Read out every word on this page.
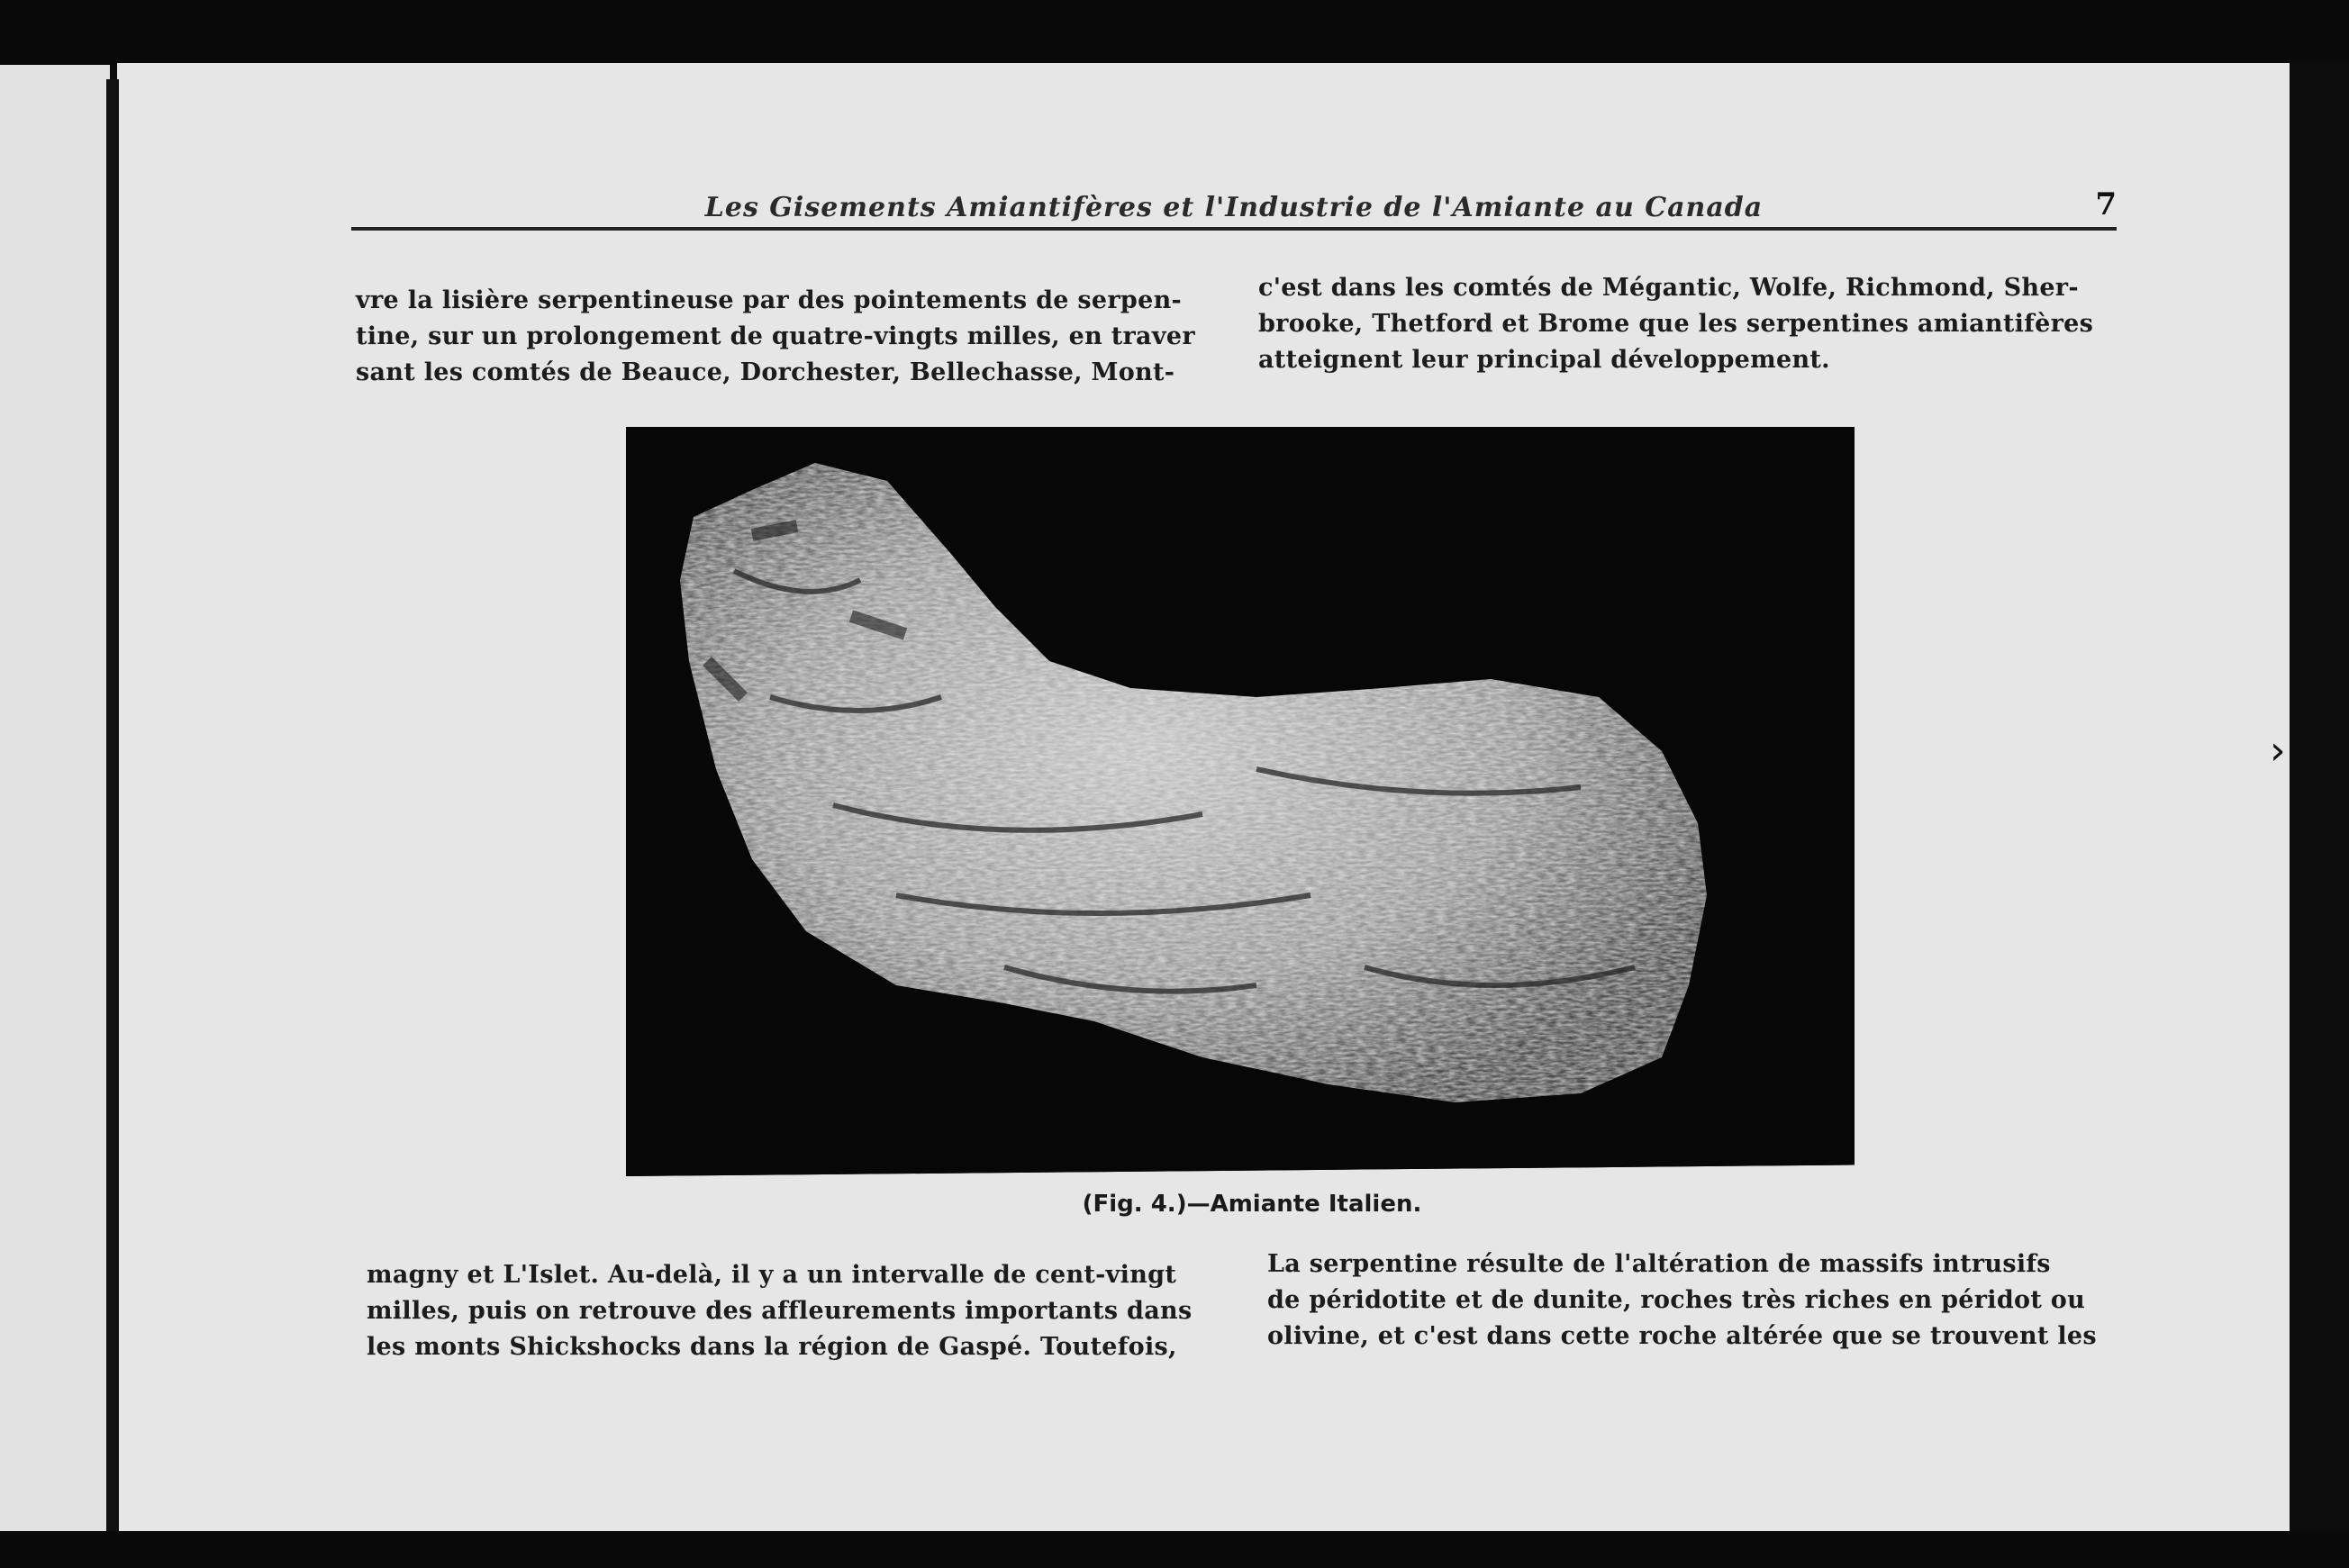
›
Les Gisements Amiantifères et l'Industrie de l'Amiante au Canada	7
vre la lisière serpentineuse par des pointements de serpen-
tine, sur un prolongement de quatre-vingts milles, en traver
sant les comtés de Beauce, Dorchester, Bellechasse, Mont-
c'est dans les comtés de Mégantic, Wolfe, Richmond, Sher-
brooke, Thetford et Brome que les serpentines amiantifères
atteignent leur principal développement.
(Fig. 4.)—Amiante Italien.
magny et L'Islet. Au-delà, il y a un intervalle de cent-vingt
milles, puis on retrouve des affleurements importants dans
les monts Shickshocks dans la région de Gaspé. Toutefois,
La serpentine résulte de l'altération de massifs intrusifs
de péridotite et de dunite, roches très riches en péridot ou
olivine, et c'est dans cette roche altérée que se trouvent les
